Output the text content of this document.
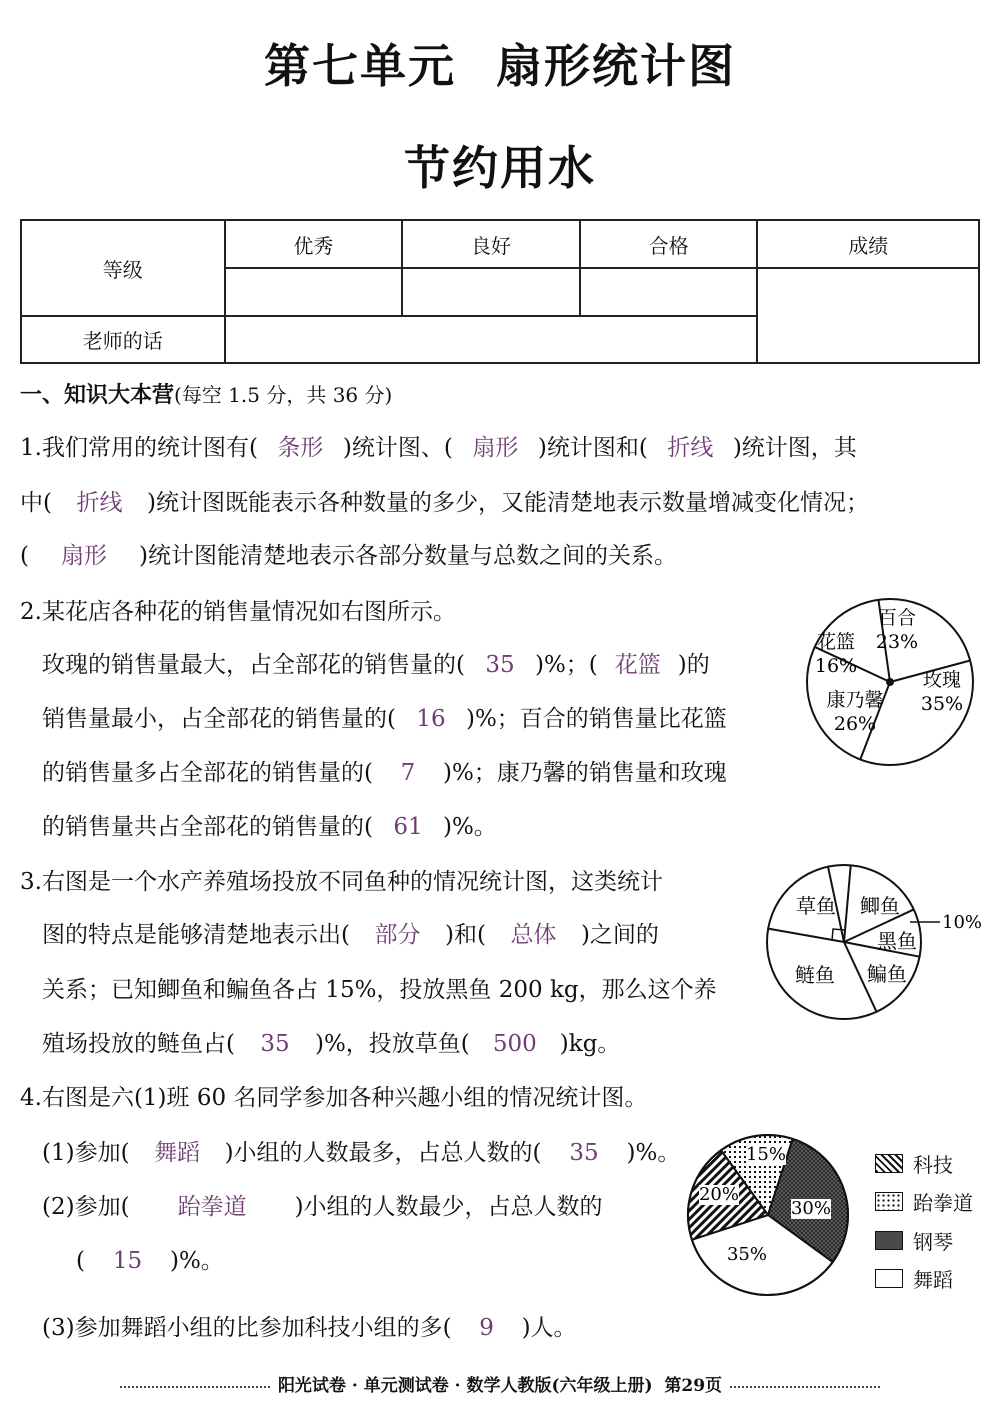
第七单元 扇形统计图
节约用水
等级	优秀	良好	合格	成绩

老师的话				
一、知识大本营(每空 1.5 分，共 36 分)
1.我们常用的统计图有( 条形 )统计图、( 扇形 )统计图和( 折线 )统计图，其
中( 折线 )统计图既能表示各种数量的多少，又能清楚地表示数量增减变化情况；
( 扇形 )统计图能清楚地表示各部分数量与总数之间的关系。
2.某花店各种花的销售量情况如右图所示。
玫瑰的销售量最大，占全部花的销售量的( 35 )%；( 花篮 )的
销售量最小，占全部花的销售量的( 16 )%；百合的销售量比花篮
的销售量多占全部花的销售量的( 7 )%；康乃馨的销售量和玫瑰
的销售量共占全部花的销售量的( 61 )%。
百合
23%
玫瑰
35%
康乃馨
26%
花篮
16%
3.右图是一个水产养殖场投放不同鱼种的情况统计图，这类统计
图的特点是能够清楚地表示出( 部分 )和( 总体 )之间的
关系；已知鲫鱼和鳊鱼各占 15%，投放黑鱼 200 kg，那么这个养
殖场投放的鲢鱼占( 35 )%，投放草鱼( 500 )kg。
草鱼 鲫鱼
黑鱼
鳊鱼
鲢鱼
10%
4.右图是六(1)班 60 名同学参加各种兴趣小组的情况统计图。
(1)参加( 舞蹈 )小组的人数最多，占总人数的( 35 )%。
(2)参加( 跆拳道 )小组的人数最少，占总人数的
( 15 )%。
(3)参加舞蹈小组的比参加科技小组的多( 9 )人。
15%
30%
35%
20%
科技
跆拳道
钢琴
舞蹈
阳光试卷 · 单元测试卷 · 数学人教版(六年级上册) 第29页
